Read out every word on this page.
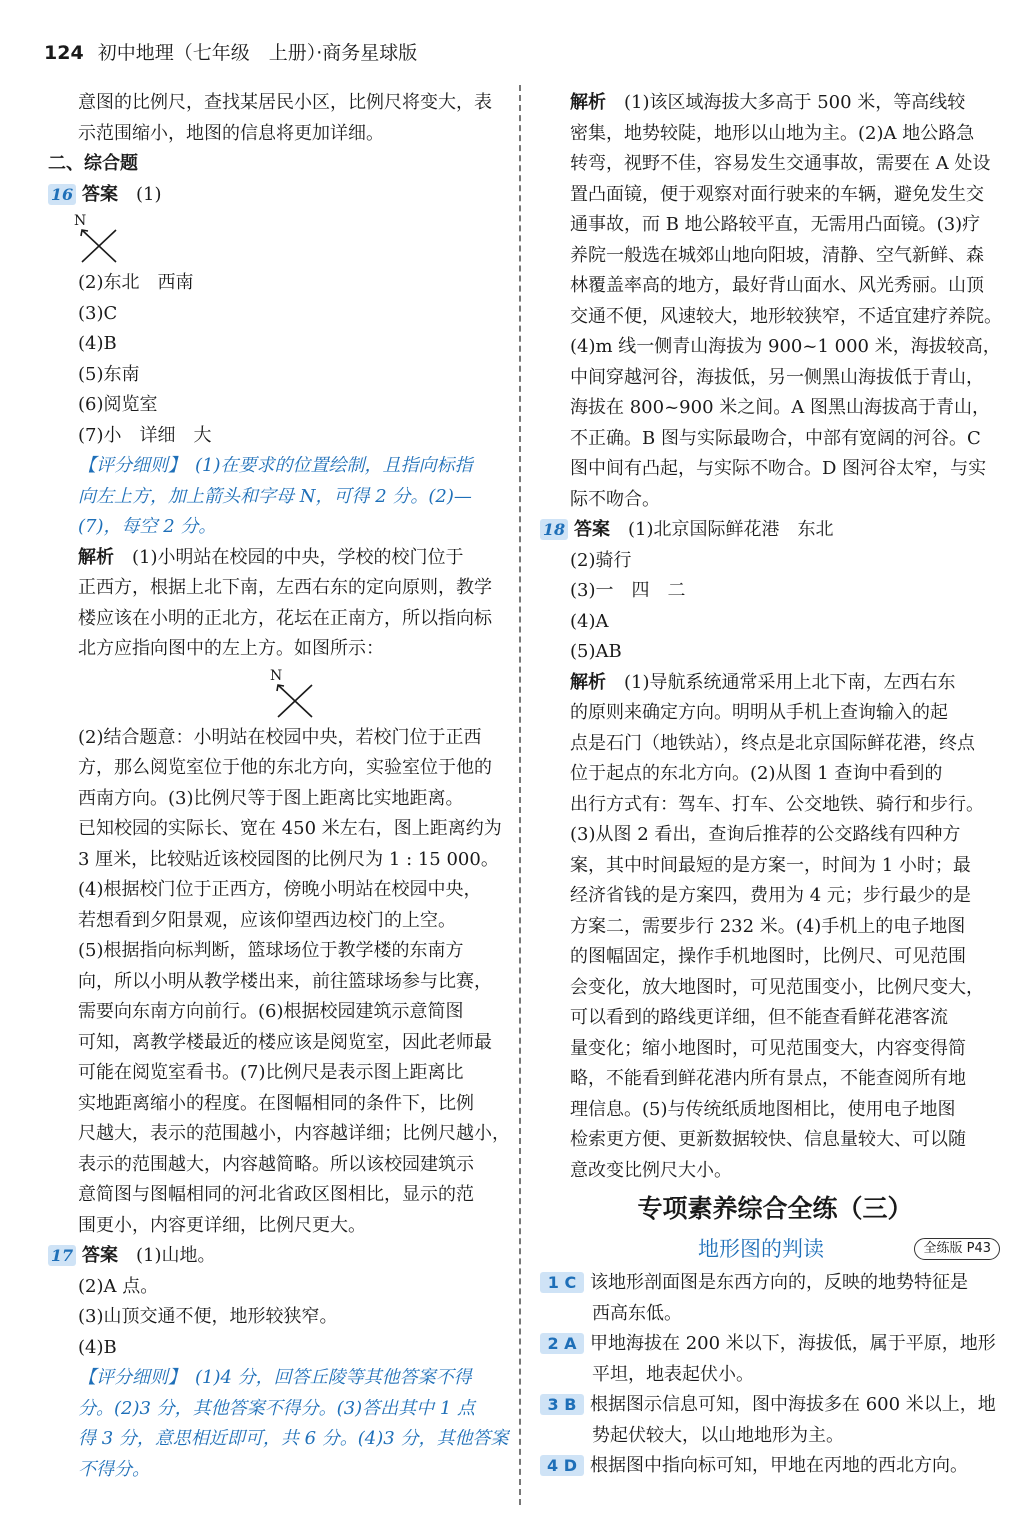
124 初中地理（七年级　上册）·商务星球版
意图的比例尺，查找某居民小区，比例尺将变大，表
示范围缩小，地图的信息将更加详细。
二、综合题
16 答案　 (1)
N
(2)东北　西南
(3)C
(4)B
(5)东南
(6)阅览室
(7)小　详细　大
【评分细则】　(1)在要求的位置绘制，且指向标指
向左上方，加上箭头和字母 N，可得 2 分。(2)—
(7)，每空 2 分。
解析　(1)小明站在校园的中央，学校的校门位于
正西方，根据上北下南，左西右东的定向原则，教学
楼应该在小明的正北方，花坛在正南方，所以指向标
北方应指向图中的左上方。如图所示：
N
(2)结合题意：小明站在校园中央，若校门位于正西
方，那么阅览室位于他的东北方向，实验室位于他的
西南方向。(3)比例尺等于图上距离比实地距离。
已知校园的实际长、宽在 450 米左右，图上距离约为
3 厘米，比较贴近该校园图的比例尺为 1 : 15 000。
(4)根据校门位于正西方，傍晚小明站在校园中央，
若想看到夕阳景观，应该仰望西边校门的上空。
(5)根据指向标判断，篮球场位于教学楼的东南方
向，所以小明从教学楼出来，前往篮球场参与比赛，
需要向东南方向前行。(6)根据校园建筑示意简图
可知，离教学楼最近的楼应该是阅览室，因此老师最
可能在阅览室看书。(7)比例尺是表示图上距离比
实地距离缩小的程度。在图幅相同的条件下，比例
尺越大，表示的范围越小，内容越详细；比例尺越小，
表示的范围越大，内容越简略。所以该校园建筑示
意简图与图幅相同的河北省政区图相比，显示的范
围更小，内容更详细，比例尺更大。
17 答案　 (1)山地。
(2)A 点。
(3)山顶交通不便，地形较狭窄。
(4)B
【评分细则】　(1)4 分，回答丘陵等其他答案不得
分。(2)3 分，其他答案不得分。(3)答出其中 1 点
得 3 分，意思相近即可，共 6 分。(4)3 分，其他答案
不得分。
解析　(1)该区域海拔大多高于 500 米，等高线较
密集，地势较陡，地形以山地为主。(2)A 地公路急
转弯，视野不佳，容易发生交通事故，需要在 A 处设
置凸面镜，便于观察对面行驶来的车辆，避免发生交
通事故，而 B 地公路较平直，无需用凸面镜。(3)疗
养院一般选在城郊山地向阳坡，清静、空气新鲜、森
林覆盖率高的地方，最好背山面水、风光秀丽。山顶
交通不便，风速较大，地形较狭窄，不适宜建疗养院。
(4)m 线一侧青山海拔为 900~1 000 米，海拔较高，
中间穿越河谷，海拔低，另一侧黑山海拔低于青山，
海拔在 800~900 米之间。A 图黑山海拔高于青山，
不正确。B 图与实际最吻合，中部有宽阔的河谷。C
图中间有凸起，与实际不吻合。D 图河谷太窄，与实
际不吻合。
18 答案　 (1)北京国际鲜花港　东北
(2)骑行
(3)一　四　二
(4)A
(5)AB
解析　(1)导航系统通常采用上北下南，左西右东
的原则来确定方向。明明从手机上查询输入的起
点是石门（地铁站），终点是北京国际鲜花港，终点
位于起点的东北方向。(2)从图 1 查询中看到的
出行方式有：驾车、打车、公交地铁、骑行和步行。
(3)从图 2 看出，查询后推荐的公交路线有四种方
案，其中时间最短的是方案一，时间为 1 小时；最
经济省钱的是方案四，费用为 4 元；步行最少的是
方案二，需要步行 232 米。(4)手机上的电子地图
的图幅固定，操作手机地图时，比例尺、可见范围
会变化，放大地图时，可见范围变小，比例尺变大，
可以看到的路线更详细，但不能查看鲜花港客流
量变化；缩小地图时，可见范围变大，内容变得简
略，不能看到鲜花港内所有景点，不能查阅所有地
理信息。(5)与传统纸质地图相比，使用电子地图
检索更方便、更新数据较快、信息量较大、可以随
意改变比例尺大小。
专项素养综合全练（三）
地形图的判读	全练版 P43
1 C 该地形剖面图是东西方向的，反映的地势特征是
西高东低。
2 A 甲地海拔在 200 米以下，海拔低，属于平原，地形
平坦，地表起伏小。
3 B 根据图示信息可知，图中海拔多在 600 米以上，地
势起伏较大，以山地地形为主。
4 D 根据图中指向标可知，甲地在丙地的西北方向。
